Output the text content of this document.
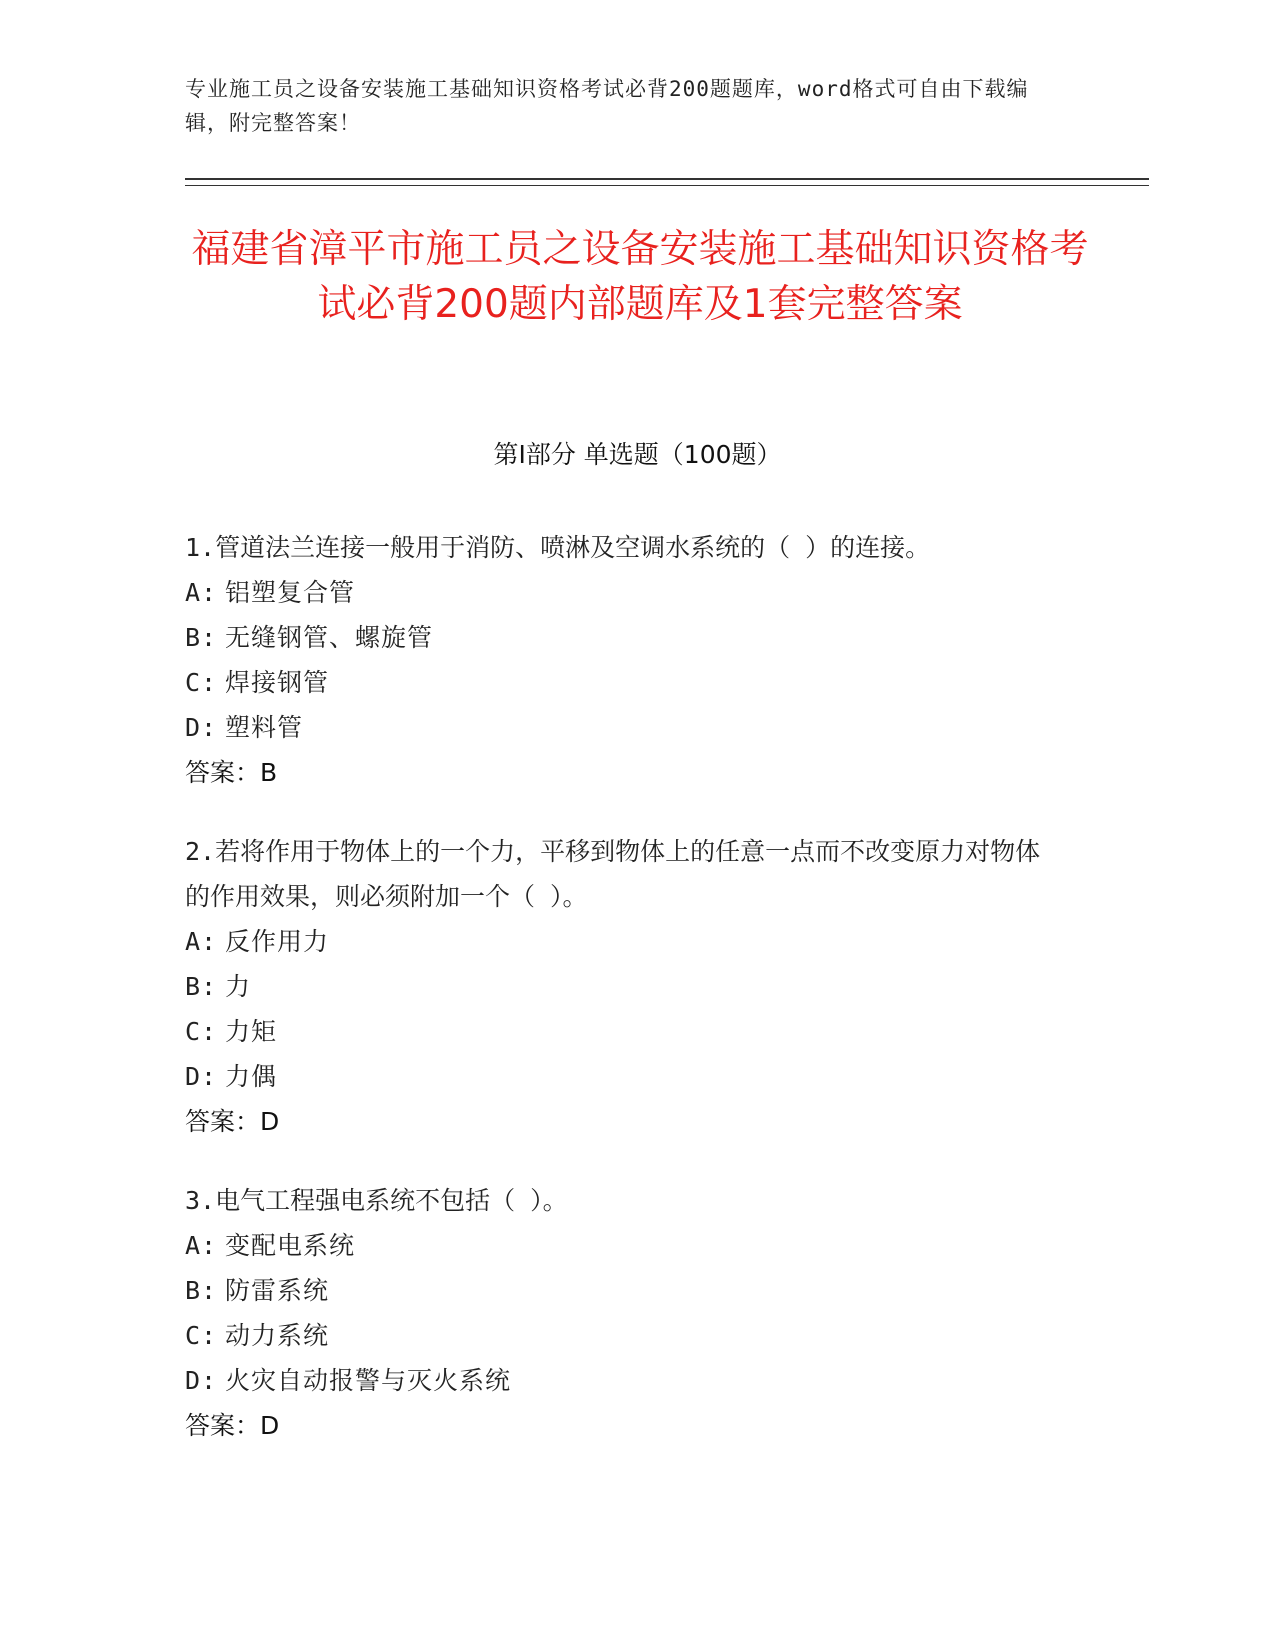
专业施工员之设备安装施工基础知识资格考试必背200题题库，word格式可自由下载编辑，附完整答案！
福建省漳平市施工员之设备安装施工基础知识资格考试必背200题内部题库及1套完整答案
第Ⅰ部分 单选题（100题）
1.管道法兰连接一般用于消防、喷淋及空调水系统的（ ）的连接。
A: 铝塑复合管
B: 无缝钢管、螺旋管
C: 焊接钢管
D: 塑料管
答案：B
2.若将作用于物体上的一个力，平移到物体上的任意一点而不改变原力对物体的作用效果，则必须附加一个（ ）。
A: 反作用力
B: 力
C: 力矩
D: 力偶
答案：D
3.电气工程强电系统不包括（ ）。
A: 变配电系统
B: 防雷系统
C: 动力系统
D: 火灾自动报警与灭火系统
答案：D
